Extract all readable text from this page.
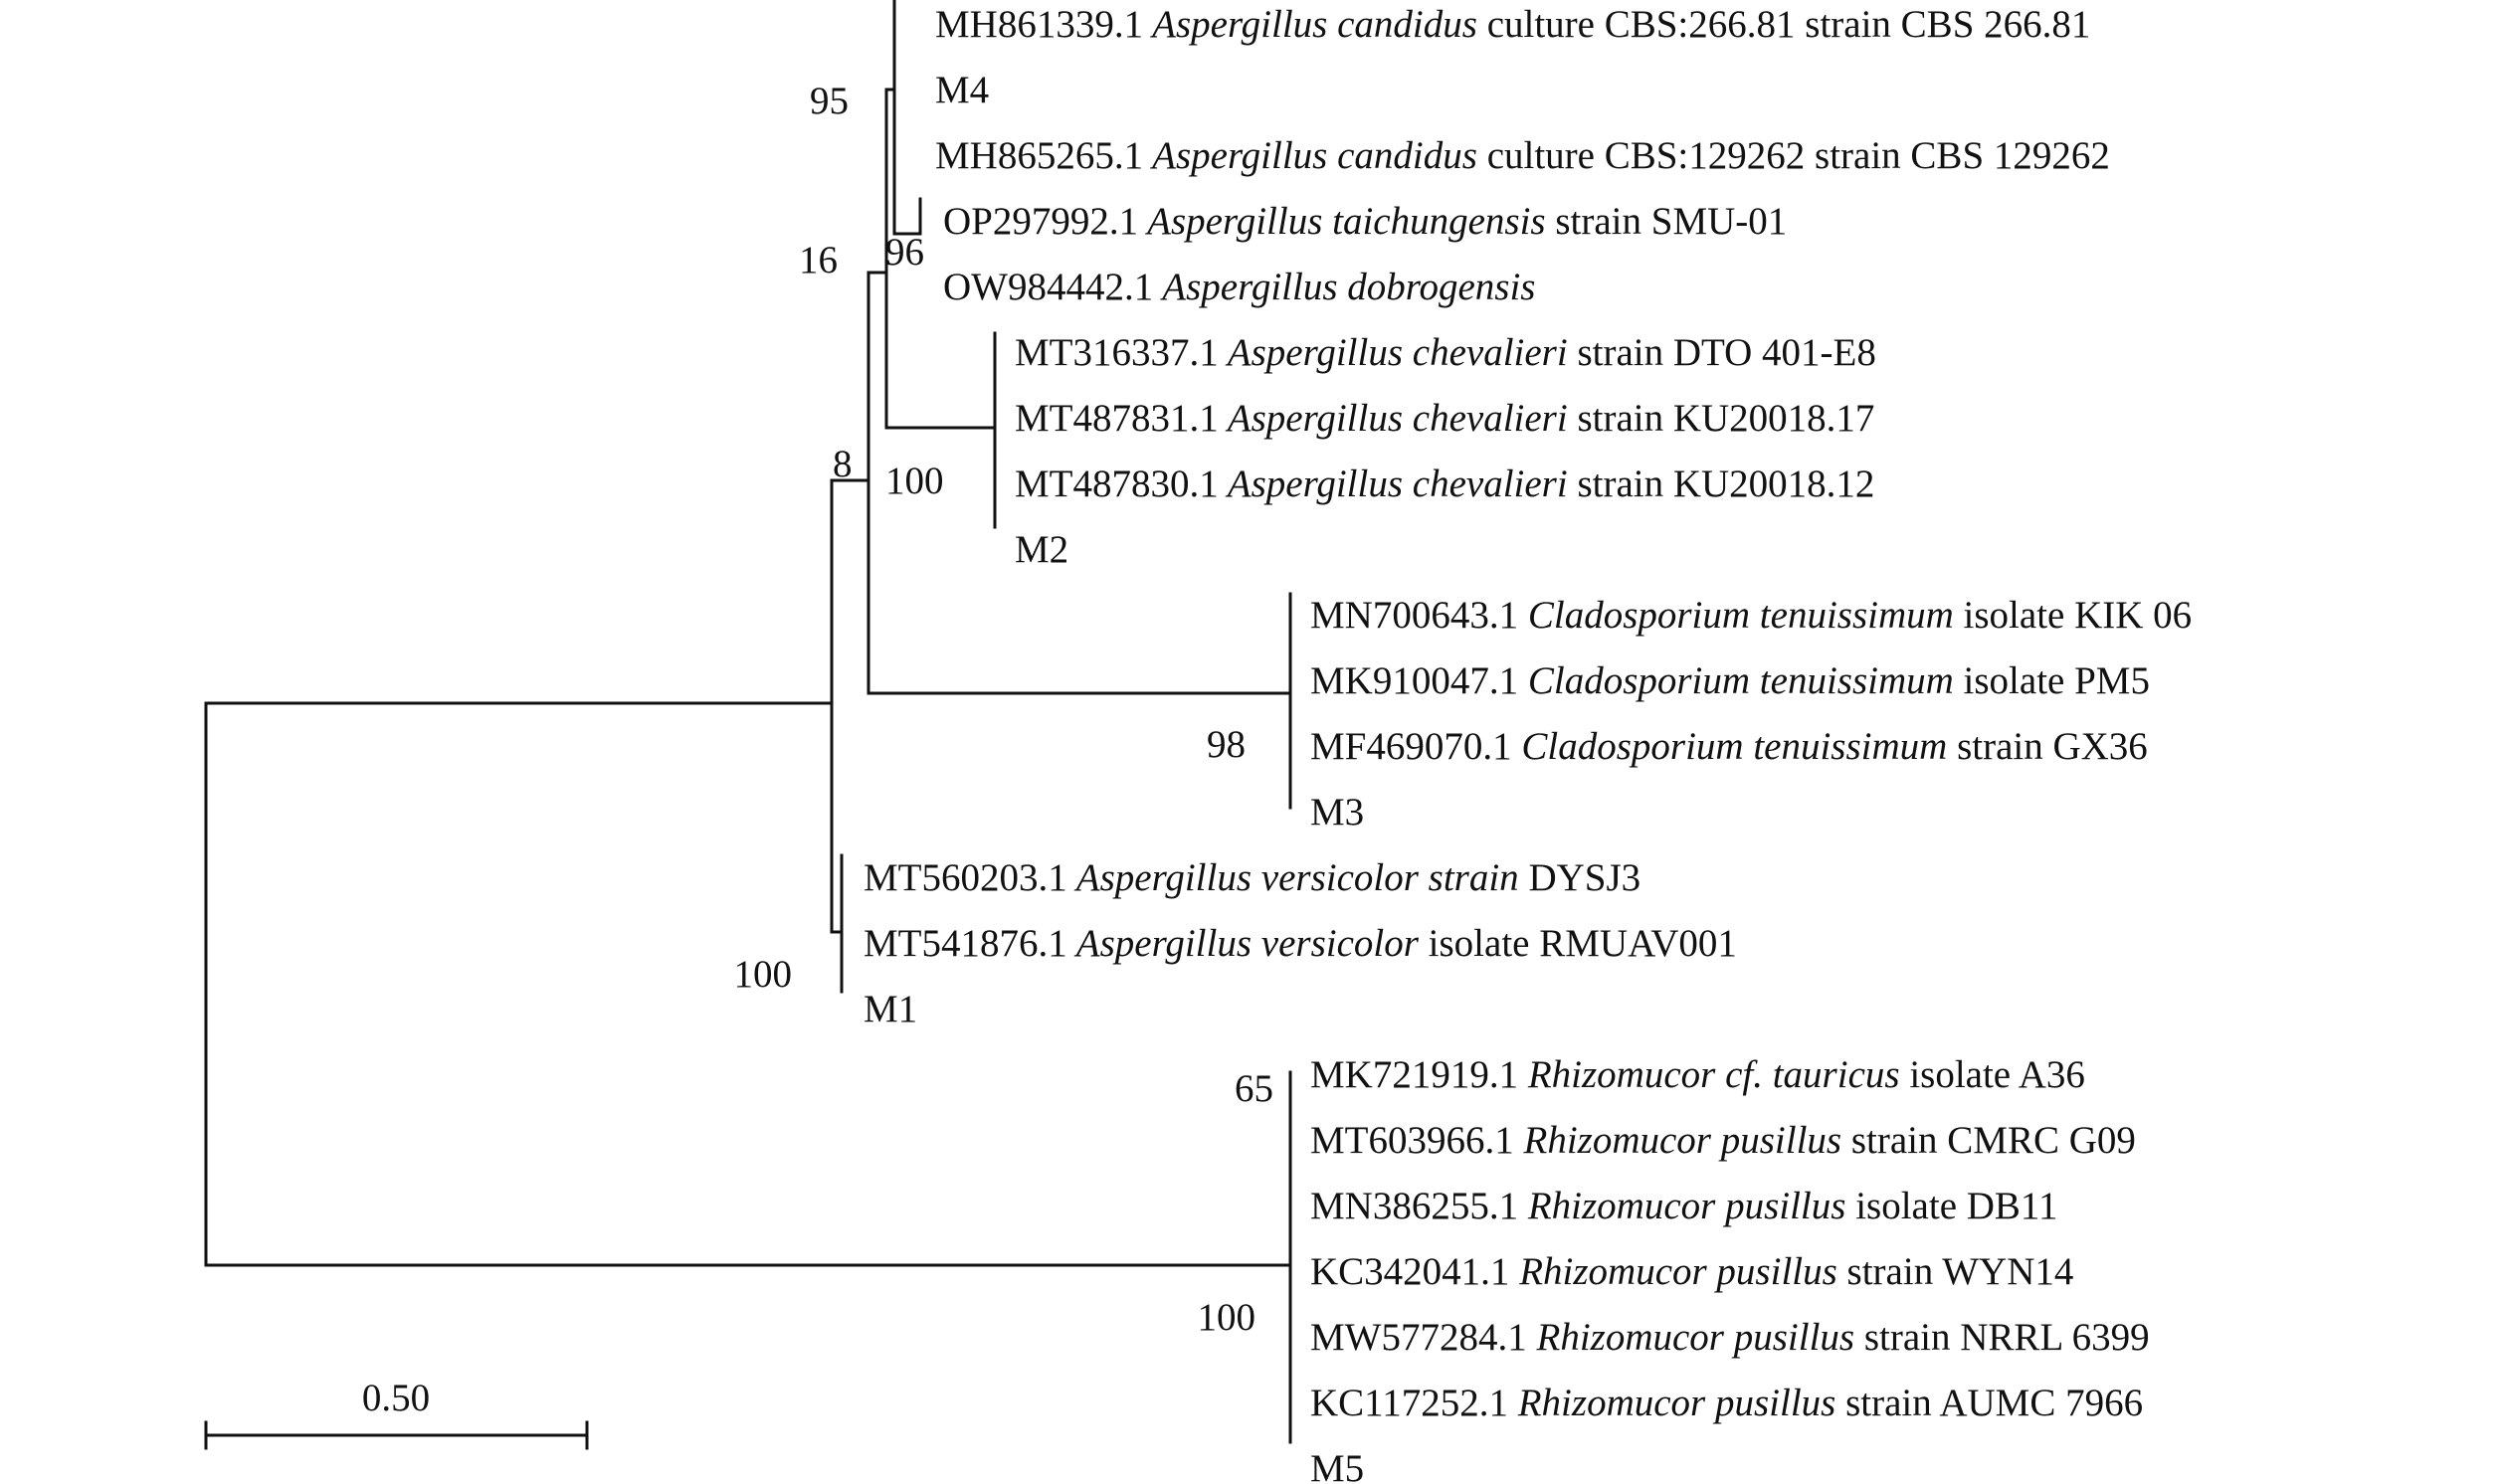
MH861339.1 Aspergillus candidus culture CBS:266.81 strain CBS 266.81
M4
MH865265.1 Aspergillus candidus culture CBS:129262 strain CBS 129262
OP297992.1 Aspergillus taichungensis strain SMU-01
OW984442.1 Aspergillus dobrogensis
MT316337.1 Aspergillus chevalieri strain DTO 401-E8
MT487831.1 Aspergillus chevalieri strain KU20018.17
MT487830.1 Aspergillus chevalieri strain KU20018.12
M2
MN700643.1 Cladosporium tenuissimum isolate KIK 06
MK910047.1 Cladosporium tenuissimum isolate PM5
MF469070.1 Cladosporium tenuissimum strain GX36
M3
MT560203.1 Aspergillus versicolor strain DYSJ3
MT541876.1 Aspergillus versicolor isolate RMUAV001
M1
MK721919.1 Rhizomucor cf. tauricus isolate A36
MT603966.1 Rhizomucor pusillus strain CMRC G09
MN386255.1 Rhizomucor pusillus isolate DB11
KC342041.1 Rhizomucor pusillus strain WYN14
MW577284.1 Rhizomucor pusillus strain NRRL 6399
KC117252.1 Rhizomucor pusillus strain AUMC 7966
M5
95
16 96
8 100
98
100
65
100
0.50
